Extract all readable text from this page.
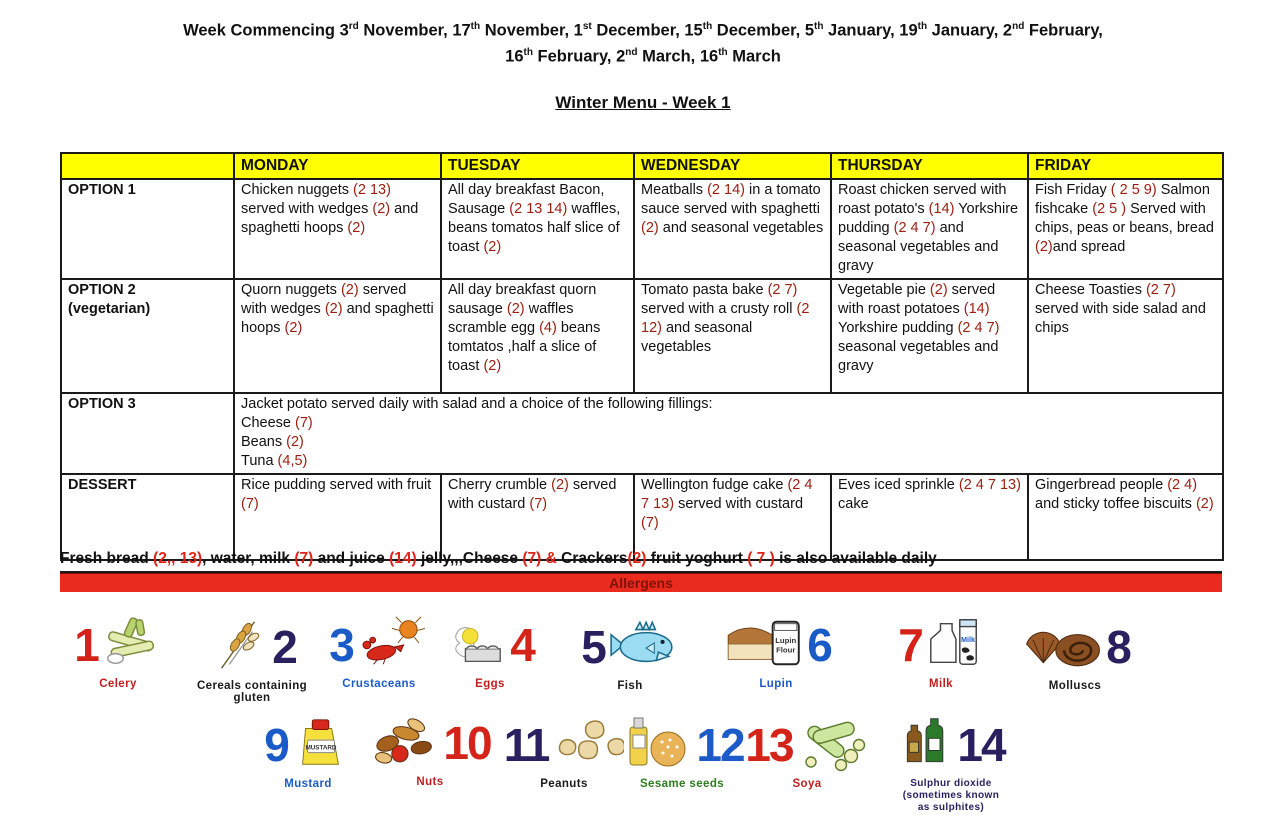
Week Commencing 3rd November, 17th November, 1st December, 15th December, 5th January, 19th January, 2nd February,
16th February, 2nd March, 16th March
Winter Menu - Week 1
	MONDAY	TUESDAY	WEDNESDAY	THURSDAY	FRIDAY
OPTION 1	Chicken nuggets (2 13) served with wedges (2) and spaghetti hoops (2)	All day breakfast Bacon, Sausage (2 13 14) waffles, beans tomatos half slice of toast (2)	Meatballs (2 14) in a tomato sauce served with spaghetti (2) and seasonal vegetables	Roast chicken served with roast potato's (14) Yorkshire pudding (2 4 7) and seasonal vegetables and gravy	Fish Friday ( 2 5 9) Salmon fishcake (2 5 ) Served with chips, peas or beans, bread (2)and spread
OPTION 2
(vegetarian)	Quorn nuggets (2) served with wedges (2) and spaghetti hoops (2)	All day breakfast quorn sausage (2) waffles scramble egg (4) beans tomtatos ,half a slice of toast (2)	Tomato pasta bake (2 7) served with a crusty roll (2 12) and seasonal vegetables	Vegetable pie (2) served with roast potatoes (14) Yorkshire pudding (2 4 7) seasonal vegetables and gravy	Cheese Toasties (2 7) served with side salad and chips
OPTION 3	Jacket potato served daily with salad and a choice of the following fillings:
Cheese (7)
Beans (2)
Tuna (4,5)				
DESSERT	Rice pudding served with fruit (7)	Cherry crumble (2) served with custard (7)	Wellington fudge cake (2 4 7 13) served with custard (7)	Eves iced sprinkle (2 4 7 13) cake	Gingerbread people (2 4) and sticky toffee biscuits (2)
Fresh bread (2,, 13), water, milk (7) and juice (14) jelly,,,Cheese (7) & Crackers(2) fruit yoghurt ( 7 ) is also available daily
Allergens
1
Celery
2
Cereals containing gluten
3
Crustaceans
4
Eggs
5
Fish
6
Lupin
Flour
Lupin
7	Milk
Milk
8
Molluscs
9	MUSTARD
Mustard
10
Nuts
11
Peanuts
12
Sesame seeds
13
Soya
14
Sulphur dioxide
(sometimes known
as sulphites)
